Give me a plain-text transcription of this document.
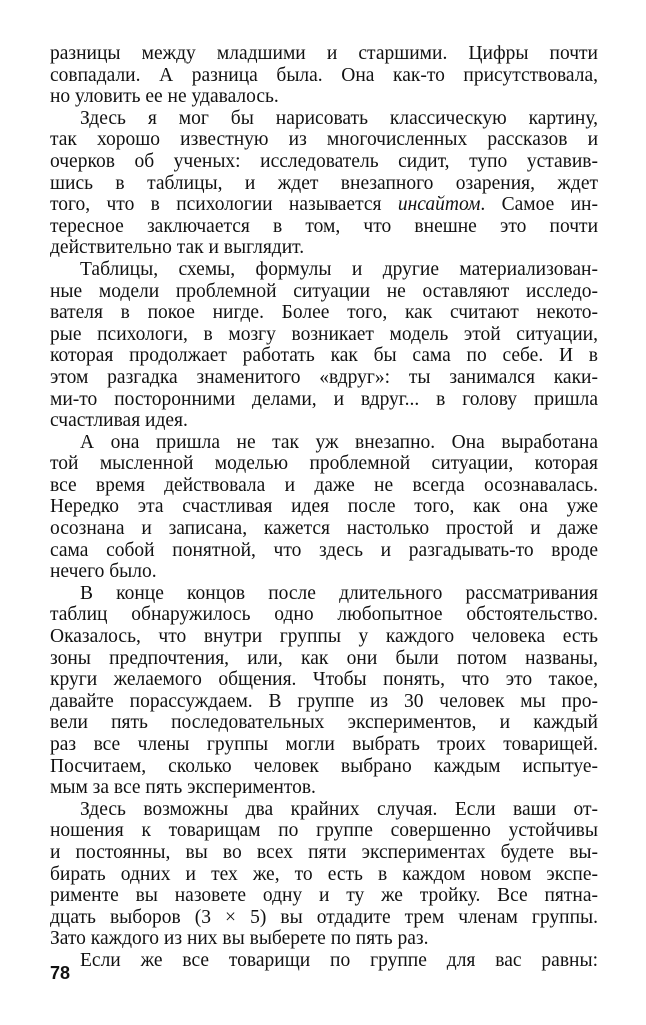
разницы между младшими и старшими. Цифры почти
совпадали. А разница была. Она как-то присутствовала,
но уловить ее не удавалось.

Здесь я мог бы нарисовать классическую картину,
так хорошо известную из многочисленных рассказов и
очерков об ученых: исследователь сидит, тупо уставив-
шись в таблицы, и ждет внезапного озарения, ждет
того, что в психологии называется инсайтом. Самое ин-
тересное заключается в том, что внешне это почти
действительно так и выглядит.

Таблицы, схемы, формулы и другие материализован-
ные модели проблемной ситуации не оставляют исследо-
вателя в покое нигде. Более того, как считают некото-
рые психологи, в мозгу возникает модель этой ситуации,
которая продолжает работать как бы сама по себе. И в
этом разгадка знаменитого «вдруг»: ты занимался каки-
ми-то посторонними делами, и вдруг... в голову пришла
счастливая идея.

А она пришла не так уж внезапно. Она выработана
той мысленной моделью проблемной ситуации, которая
все время действовала и даже не всегда осознавалась.
Нередко эта счастливая идея после того, как она уже
осознана и записана, кажется настолько простой и даже
сама собой понятной, что здесь и разгадывать-то вроде
нечего было.

В конце концов после длительного рассматривания
таблиц обнаружилось одно любопытное обстоятельство.
Оказалось, что внутри группы у каждого человека есть
зоны предпочтения, или, как они были потом названы,
круги желаемого общения. Чтобы понять, что это такое,
давайте порассуждаем. В группе из 30 человек мы про-
вели пять последовательных экспериментов, и каждый
раз все члены группы могли выбрать троих товарищей.
Посчитаем, сколько человек выбрано каждым испытуе-
мым за все пять экспериментов.

Здесь возможны два крайних случая. Если ваши от-
ношения к товарищам по группе совершенно устойчивы
и постоянны, вы во всех пяти экспериментах будете вы-
бирать одних и тех же, то есть в каждом новом экспе-
рименте вы назовете одну и ту же тройку. Все пятна-
дцать выборов (3 × 5) вы отдадите трем членам группы.
Зато каждого из них вы выберете по пять раз.

Если же все товарищи по группе для вас равны:

78
